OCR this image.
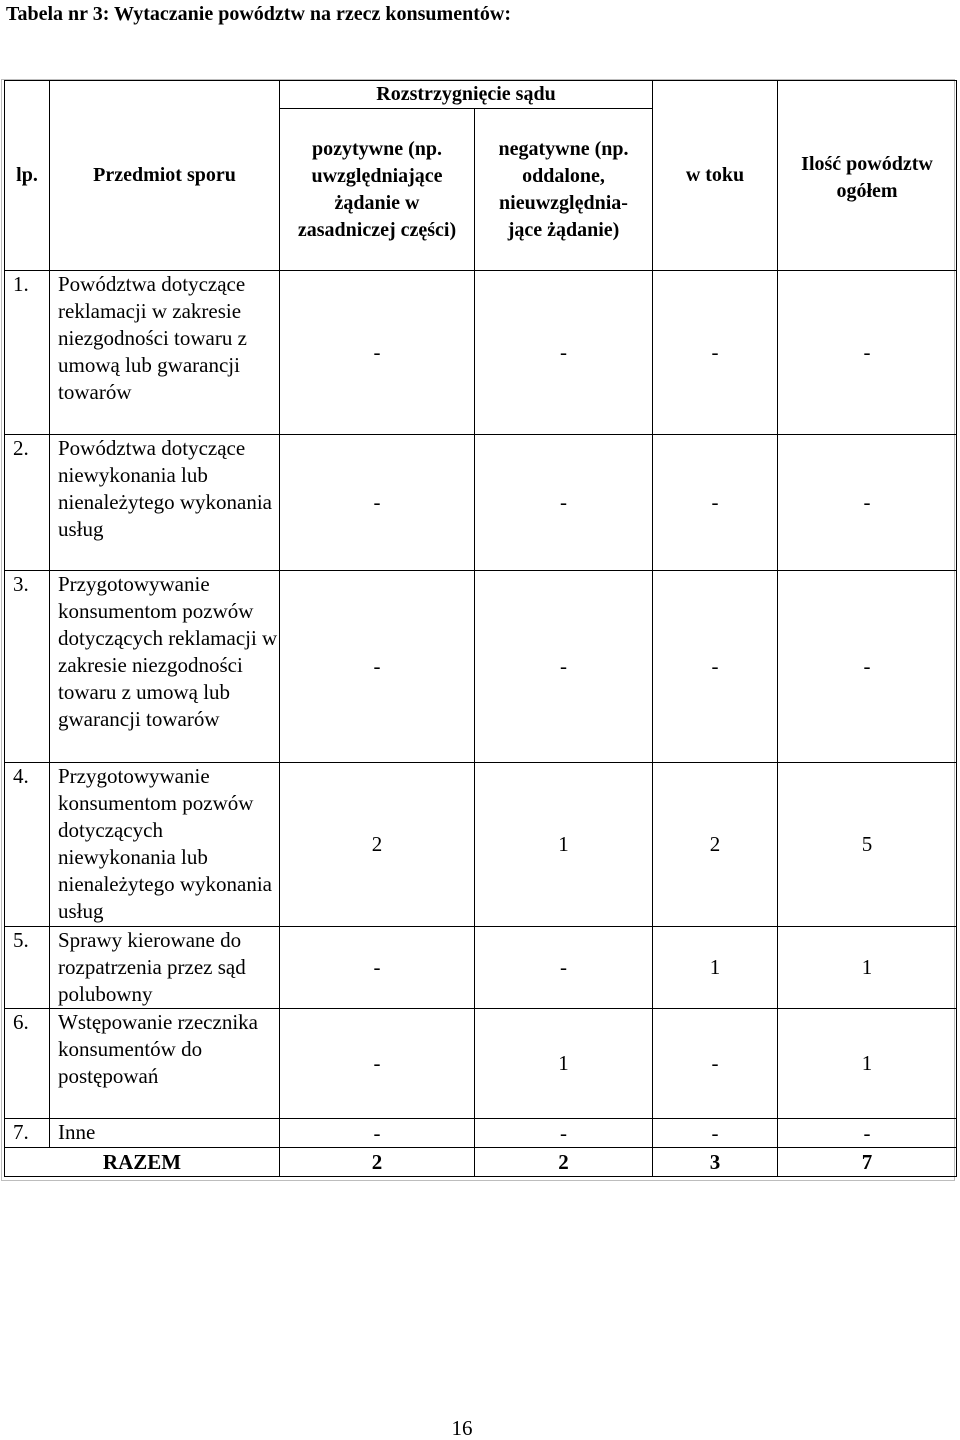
Tabela nr 3: Wytaczanie powództw na rzecz konsumentów:
lp.	Przedmiot sporu	Rozstrzygnięcie sądu		w toku	Ilość powództw ogółem
		pozytywne (np. uwzględniające żądanie w zasadniczej części)	negatywne (np. oddalone, nieuwzględnia-jące żądanie)		
1.	Powództwa dotyczące reklamacji w zakresie niezgodności towaru z umową lub gwarancji towarów	-	-	-	-
2.	Powództwa dotyczące niewykonania lub nienależytego wykonania usług	-	-	-	-
3.	Przygotowywanie konsumentom pozwów dotyczących reklamacji w zakresie niezgodności towaru z umową lub gwarancji towarów	-	-	-	-
4.	Przygotowywanie konsumentom pozwów dotyczących niewykonania lub nienależytego wykonania usług	2	1	2	5
5.	Sprawy kierowane do rozpatrzenia przez sąd polubowny	-	-	1	1
6.	Wstępowanie rzecznika konsumentów do postępowań	-	1	-	1
7.	Inne	-	-	-	-
RAZEM		2	2	3	7
16
